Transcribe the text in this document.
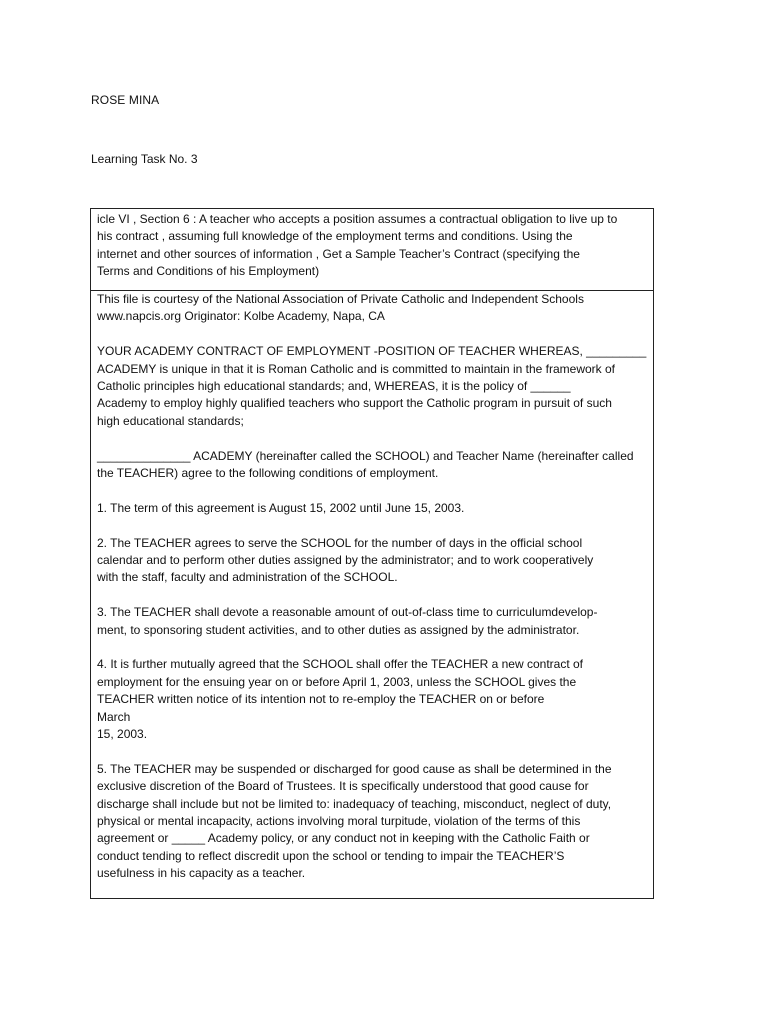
ROSE MINA
Learning Task No. 3
icle VI , Section 6 : A teacher who accepts a position assumes a contractual obligation to live up to
his contract , assuming full knowledge of the employment terms and conditions. Using the
internet and other sources of information , Get a Sample Teacher’s Contract (specifying the
Terms and Conditions of his Employment)
This file is courtesy of the National Association of Private Catholic and Independent Schools
www.napcis.org Originator: Kolbe Academy, Napa, CA
YOUR ACADEMY CONTRACT OF EMPLOYMENT -POSITION OF TEACHER WHEREAS, _________
ACADEMY is unique in that it is Roman Catholic and is committed to maintain in the framework of
Catholic principles high educational standards; and, WHEREAS, it is the policy of ______
Academy to employ highly qualified teachers who support the Catholic program in pursuit of such
high educational standards;
______________ ACADEMY (hereinafter called the SCHOOL) and Teacher Name (hereinafter called
the TEACHER) agree to the following conditions of employment.
1. The term of this agreement is August 15, 2002 until June 15, 2003.
2. The TEACHER agrees to serve the SCHOOL for the number of days in the official school
calendar and to perform other duties assigned by the administrator; and to work cooperatively
with the staff, faculty and administration of the SCHOOL.
3. The TEACHER shall devote a reasonable amount of out-of-class time to curriculumdevelop-
ment, to sponsoring student activities, and to other duties as assigned by the administrator.
4. It is further mutually agreed that the SCHOOL shall offer the TEACHER a new contract of
employment for the ensuing year on or before April 1, 2003, unless the SCHOOL gives the
TEACHER written notice of its intention not to re-employ the TEACHER on or before
March
15, 2003.
5. The TEACHER may be suspended or discharged for good cause as shall be determined in the
exclusive discretion of the Board of Trustees. It is specifically understood that good cause for
discharge shall include but not be limited to: inadequacy of teaching, misconduct, neglect of duty,
physical or mental incapacity, actions involving moral turpitude, violation of the terms of this
agreement or _____ Academy policy, or any conduct not in keeping with the Catholic Faith or
conduct tending to reflect discredit upon the school or tending to impair the TEACHER’S
usefulness in his capacity as a teacher.
